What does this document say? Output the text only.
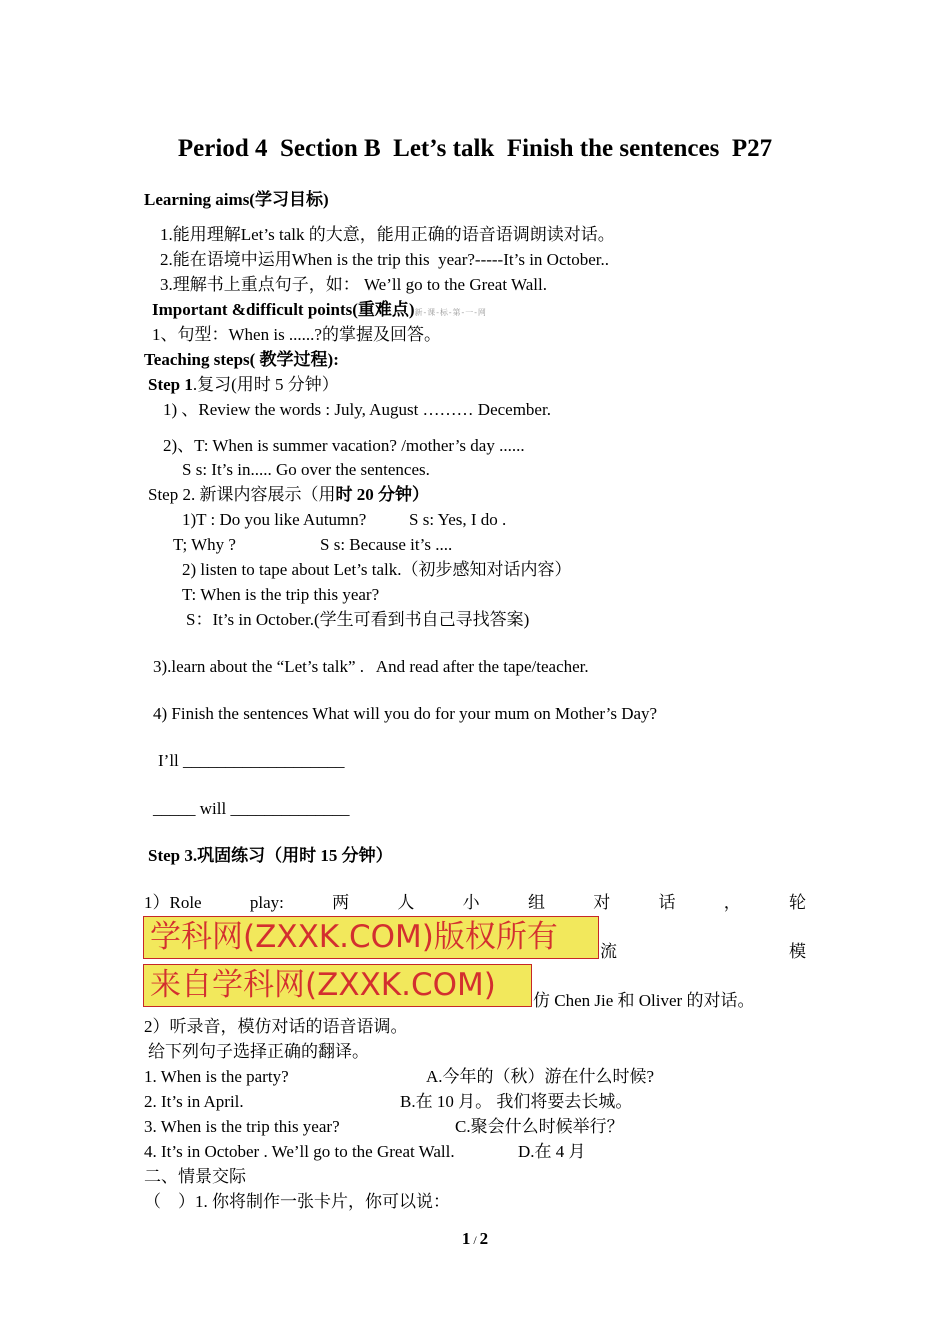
Period 4  Section B  Let’s talk  Finish the sentences  P27
Learning aims(学习目标)
1.能用理解Let’s talk 的大意，能用正确的语音语调朗读对话。
2.能在语境中运用When is the trip this  year?-----It’s in October..
3.理解书上重点句子，如： We’ll go to the Great Wall.
Important &difficult points(重难点)新-课-标-第-一-网
1、句型：When is ......?的掌握及回答。
Teaching steps( 教学过程):
Step 1.复习(用时 5 分钟）
1) 、Review the words : July, August ……… December.
2)、T: When is summer vacation? /mother’s day ......
S s: It’s in..... Go over the sentences.
Step 2. 新课内容展示（用时 20 分钟）
1)T : Do you like Autumn?	S s: Yes, I do .
T; Why ?	S s: Because it’s ....
2) listen to tape about Let’s talk.（初步感知对话内容）
T: When is the trip this year?
S：It’s in October.(学生可看到书自己寻找答案)
3).learn about the “Let’s talk” .   And read after the tape/teacher.
4) Finish the sentences What will you do for your mum on Mother’s Day?
I’ll ___________________
_____ will ______________
Step 3.巩固练习（用时 15 分钟）
1）Role	play:	两	人	小	组	对	话	，	轮
学科网(ZXXK.COM)版权所有	流	模
来自学科网(ZXXK.COM)	仿 Chen Jie 和 Oliver 的对话。
2）听录音，模仿对话的语音语调。
给下列句子选择正确的翻译。
1. When is the party?	A.今年的（秋）游在什么时候?
2. It’s in April.	B.在 10 月。 我们将要去长城。
3. When is the trip this year?	C.聚会什么时候举行？
4. It’s in October . We’ll go to the Great Wall.	D.在 4 月
二、情景交际
（    ）1. 你将制作一张卡片，你可以说：
1 / 2
